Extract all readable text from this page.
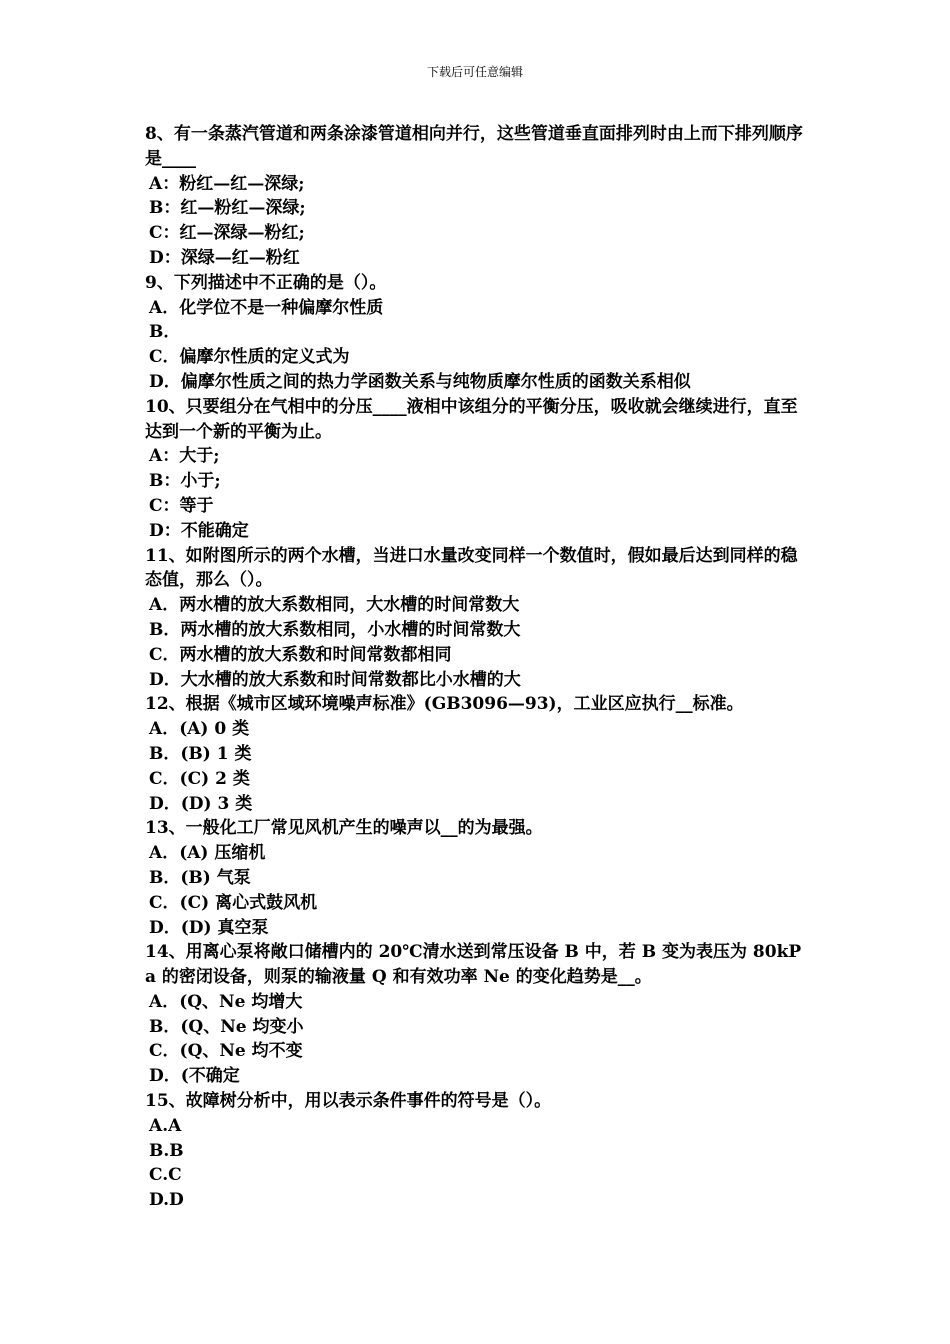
下载后可任意编辑

8、有一条蒸汽管道和两条涂漆管道相向并行，这些管道垂直面排列时由上而下排列顺序是____

A：粉红—红—深绿;
B：红—粉红—深绿;
C：红—深绿—粉红;
D：深绿—红—粉红

9、下列描述中不正确的是（）。

A．化学位不是一种偏摩尔性质
B．
C．偏摩尔性质的定义式为
D．偏摩尔性质之间的热力学函数关系与纯物质摩尔性质的函数关系相似

10、只要组分在气相中的分压____液相中该组分的平衡分压，吸收就会继续进行，直至达到一个新的平衡为止。

A：大于;
B：小于;
C：等于
D：不能确定

11、如附图所示的两个水槽，当进口水量改变同样一个数值时，假如最后达到同样的稳态值，那么（）。

A．两水槽的放大系数相同，大水槽的时间常数大
B．两水槽的放大系数相同，小水槽的时间常数大
C．两水槽的放大系数和时间常数都相同
D．大水槽的放大系数和时间常数都比小水槽的大

12、根据《城市区域环境噪声标准》(GB3096—93)，工业区应执行__标准。

A．(A) 0 类
B．(B) 1 类
C．(C) 2 类
D．(D) 3 类

13、一般化工厂常见风机产生的噪声以__的为最强。

A．(A) 压缩机
B．(B) 气泵
C．(C) 离心式鼓风机
D．(D) 真空泵

14、用离心泵将敞口储槽内的 20℃清水送到常压设备 B 中，若 B 变为表压为 80kPa 的密闭设备，则泵的输液量 Q 和有效功率 Ne 的变化趋势是__。

A．(Q、Ne 均增大
B．(Q、Ne 均变小
C．(Q、Ne 均不变
D．(不确定

15、故障树分析中，用以表示条件事件的符号是（）。

A.A
B.B
C.C
D.D
